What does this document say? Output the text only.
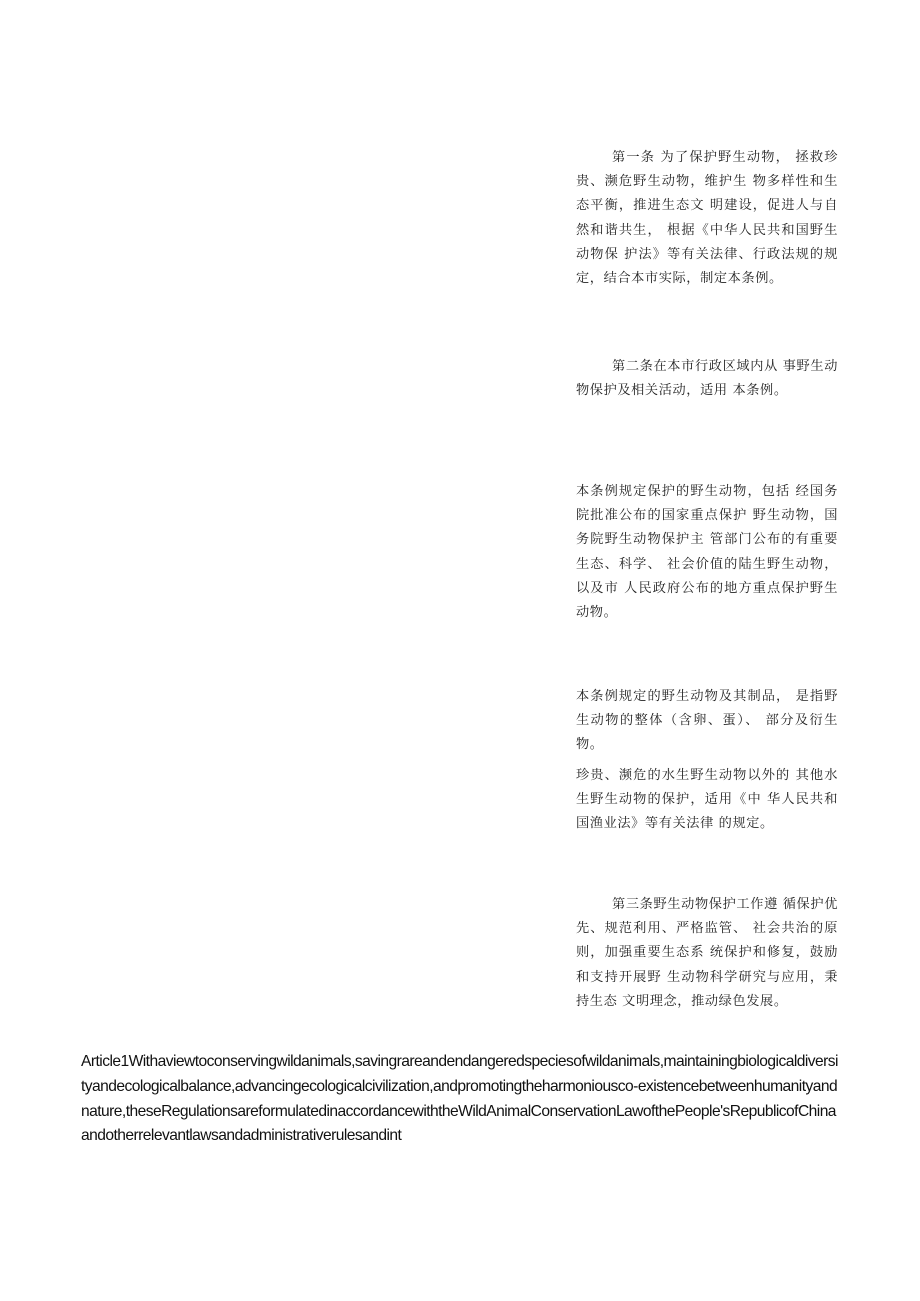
第一条 为了保护野生动物， 拯救珍贵、濒危野生动物，维护生 物多样性和生态平衡，推进生态文 明建设，促进人与自然和谐共生， 根据《中华人民共和国野生动物保 护法》等有关法律、行政法规的规 定，结合本市实际，制定本条例。

第二条在本市行政区域内从 事野生动物保护及相关活动，适用 本条例。

本条例规定保护的野生动物，包括 经国务院批准公布的国家重点保护 野生动物，国务院野生动物保护主 管部门公布的有重要生态、科学、 社会价值的陆生野生动物，以及市 人民政府公布的地方重点保护野生 动物。

本条例规定的野生动物及其制品， 是指野生动物的整体（含卵、蛋）、 部分及衍生物。

珍贵、濒危的水生野生动物以外的 其他水生野生动物的保护，适用《中 华人民共和国渔业法》等有关法律 的规定。

第三条野生动物保护工作遵 循保护优先、规范利用、严格监管、 社会共治的原则，加强重要生态系 统保护和修复，鼓励和支持开展野 生动物科学研究与应用，秉持生态 文明理念，推动绿色发展。

Article1Withaviewtoconservingwildanimals,savingrareandendangeredspeciesofwildanimals,maintainingbiologicaldiversityandecologicalbalance,advancingecologicalcivilization,andpromotingtheharmoniousco-existencebetweenhumanityandnature,theseRegulationsareformulatedinaccordancewiththeWildAnimalConservationLawofthePeople'sRepublicofChinaandotherrelevantlawsandadministrativerulesandint
